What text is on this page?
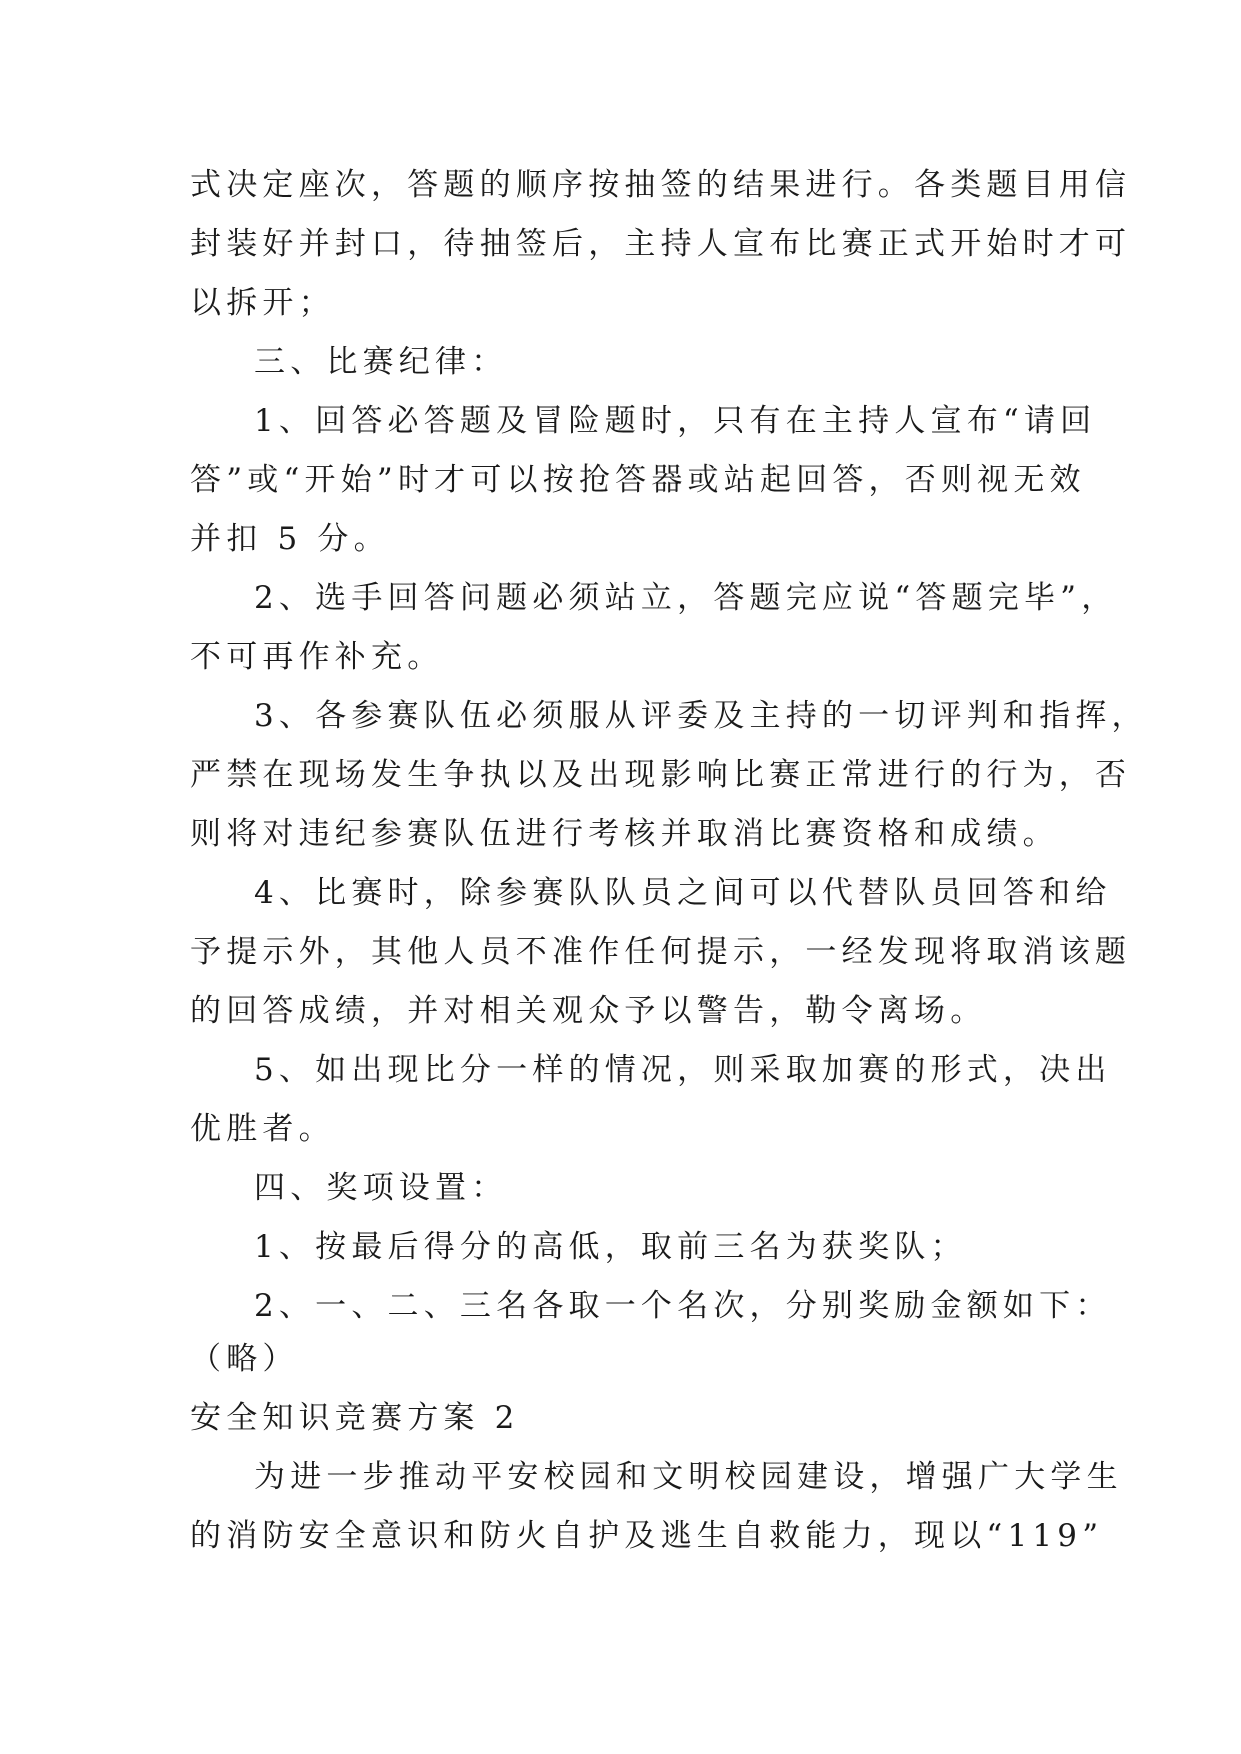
式决定座次，答题的顺序按抽签的结果进行。各类题目用信
封装好并封口，待抽签后，主持人宣布比赛正式开始时才可
以拆开；
三、比赛纪律：
1、回答必答题及冒险题时，只有在主持人宣布“请回
答”或“开始”时才可以按抢答器或站起回答，否则视无效
并扣 5 分。
2、选手回答问题必须站立，答题完应说“答题完毕”，
不可再作补充。
3、各参赛队伍必须服从评委及主持的一切评判和指挥，
严禁在现场发生争执以及出现影响比赛正常进行的行为，否
则将对违纪参赛队伍进行考核并取消比赛资格和成绩。
4、比赛时，除参赛队队员之间可以代替队员回答和给
予提示外，其他人员不准作任何提示，一经发现将取消该题
的回答成绩，并对相关观众予以警告，勒令离场。
5、如出现比分一样的情况，则采取加赛的形式，决出
优胜者。
四、奖项设置：
1、按最后得分的高低，取前三名为获奖队；
2、一、二、三名各取一个名次，分别奖励金额如下：
（略）
安全知识竞赛方案 2
为进一步推动平安校园和文明校园建设，增强广大学生
的消防安全意识和防火自护及逃生自救能力，现以“119”
